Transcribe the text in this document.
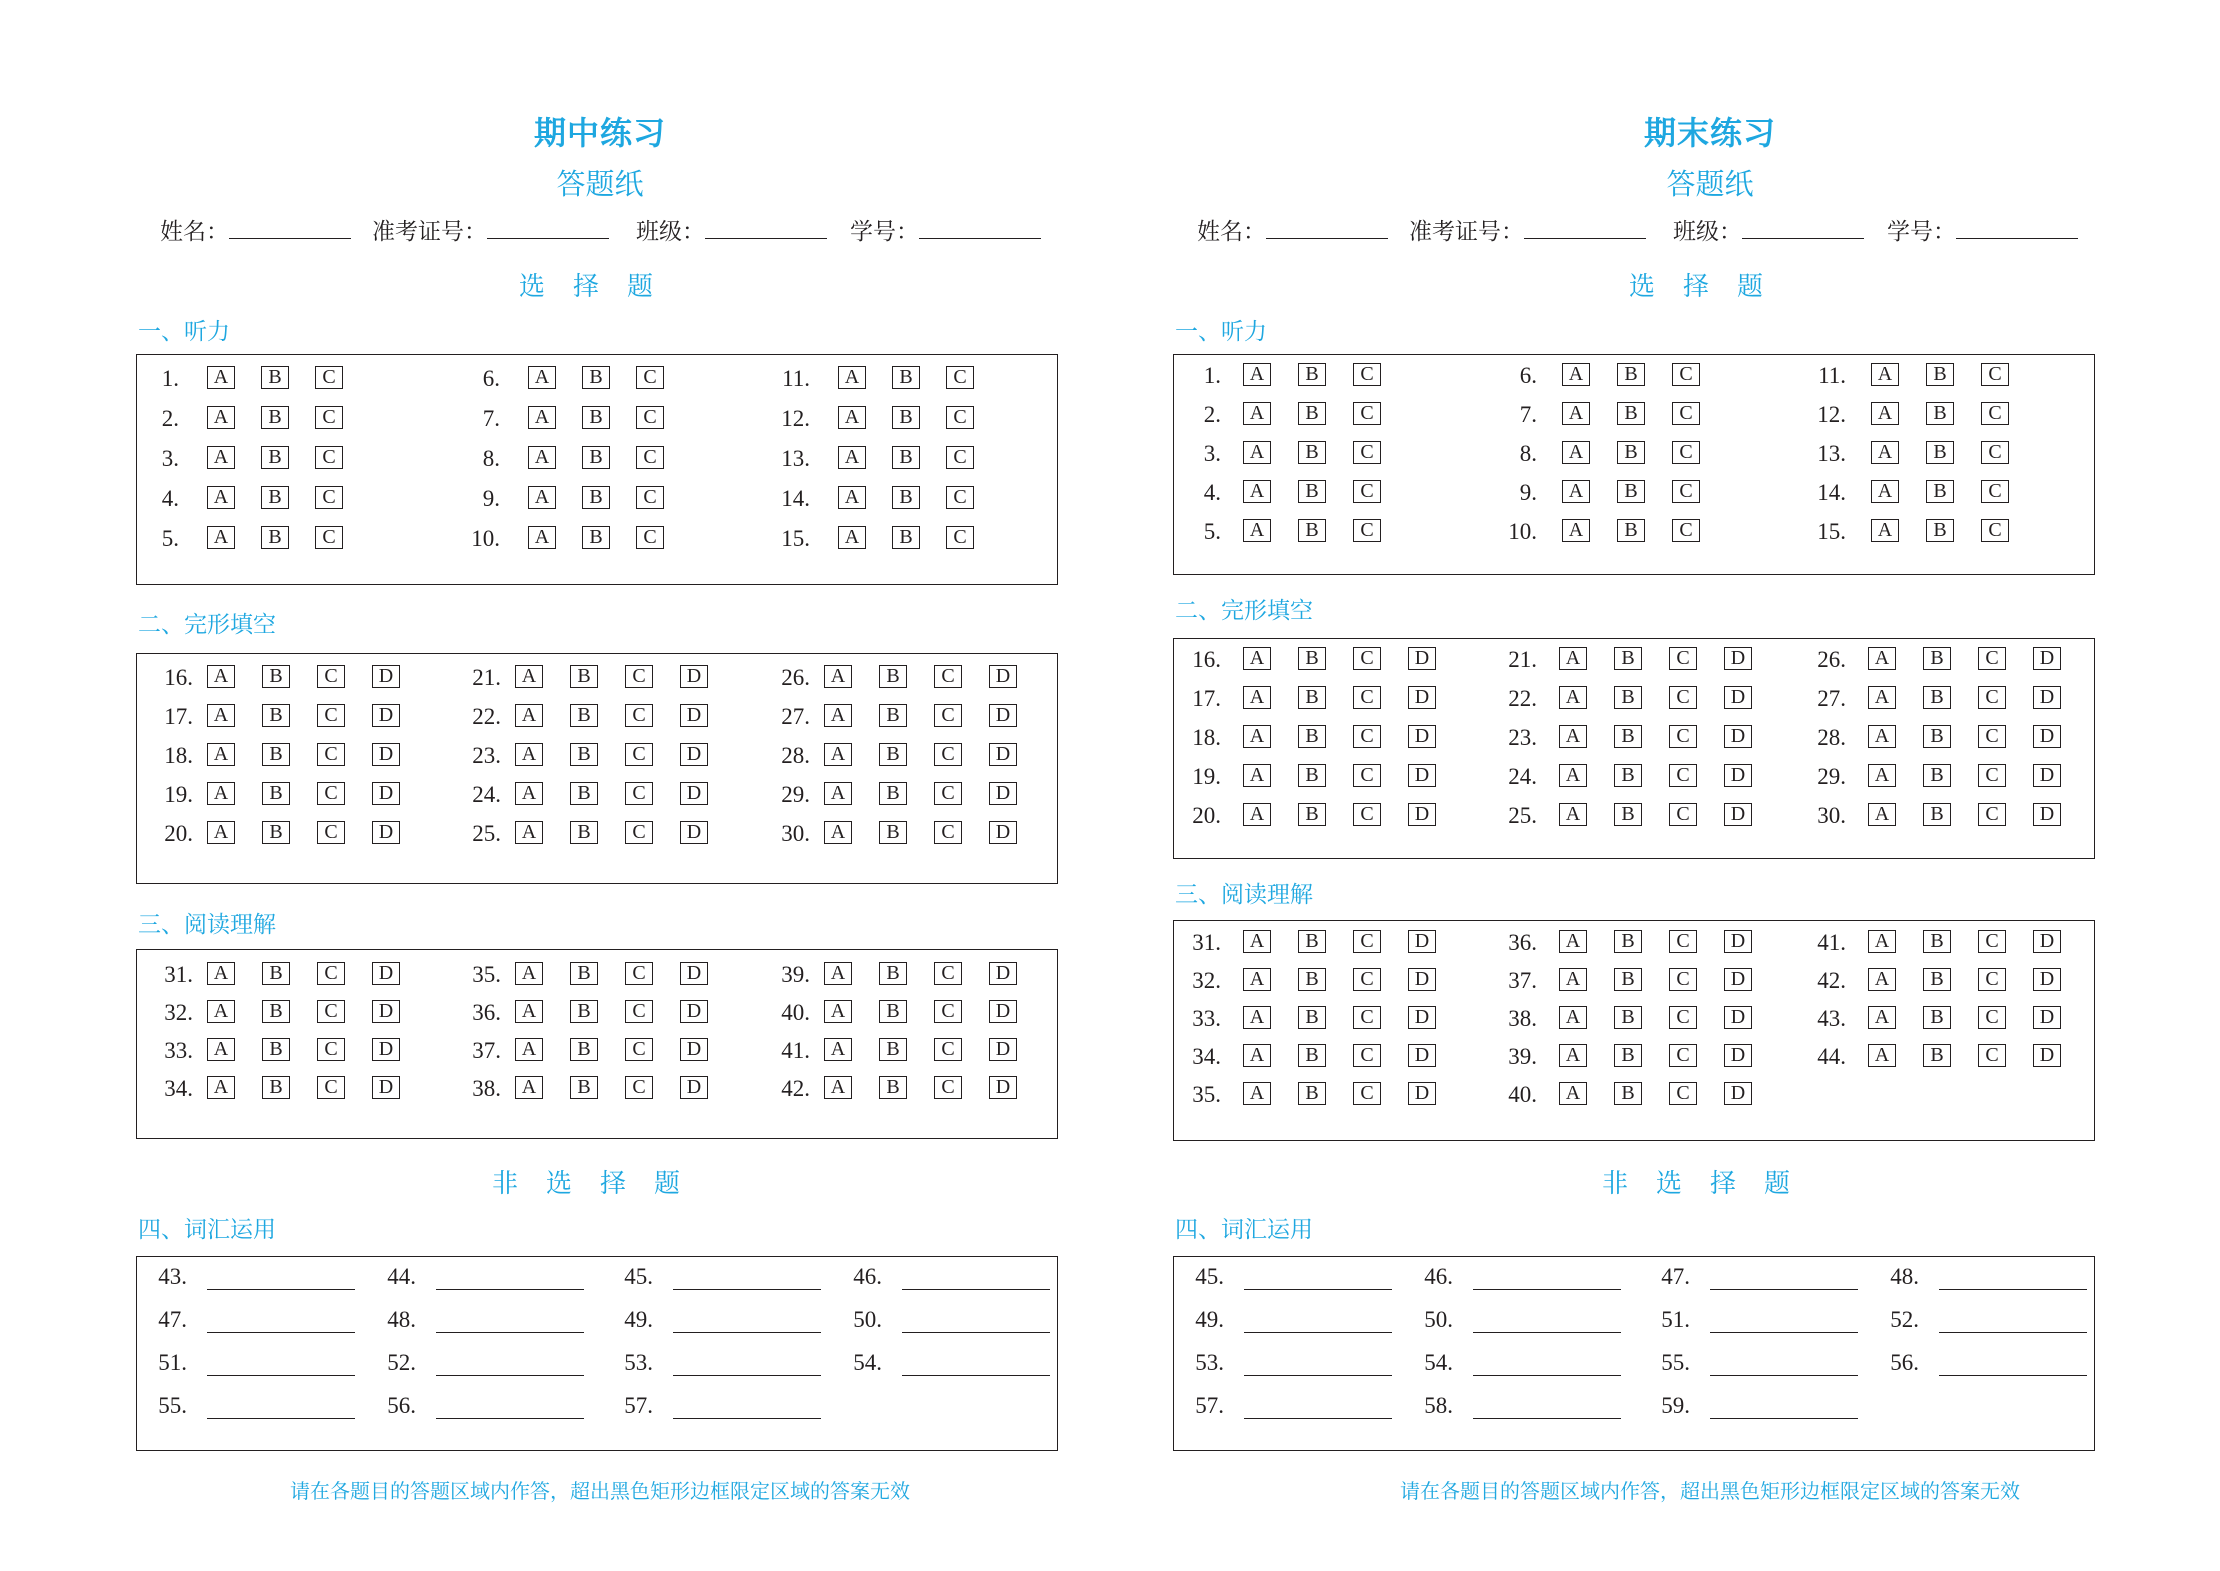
期中练习
答题纸
姓名：	准考证号：	班级：	学号：
选择题
一、听力
1.	A	B	C
2.	A	B	C
3.	A	B	C
4.	A	B	C
5.	A	B	C
6.	A	B	C
7.	A	B	C
8.	A	B	C
9.	A	B	C
10.	A	B	C
11.	A	B	C
12.	A	B	C
13.	A	B	C
14.	A	B	C
15.	A	B	C
二、完形填空
16.	A	B	C	D
17.	A	B	C	D
18.	A	B	C	D
19.	A	B	C	D
20.	A	B	C	D
21.	A	B	C	D
22.	A	B	C	D
23.	A	B	C	D
24.	A	B	C	D
25.	A	B	C	D
26.	A	B	C	D
27.	A	B	C	D
28.	A	B	C	D
29.	A	B	C	D
30.	A	B	C	D
三、阅读理解
31.	A	B	C	D
32.	A	B	C	D
33.	A	B	C	D
34.	A	B	C	D
35.	A	B	C	D
36.	A	B	C	D
37.	A	B	C	D
38.	A	B	C	D
39.	A	B	C	D
40.	A	B	C	D
41.	A	B	C	D
42.	A	B	C	D
非选择题
四、词汇运用
43.	44.	45.	46.
47.	48.	49.	50.
51.	52.	53.	54.
55.	56.	57.
请在各题目的答题区域内作答，超出黑色矩形边框限定区域的答案无效
期末练习
答题纸
姓名：	准考证号：	班级：	学号：
选择题
一、听力
1.	A	B	C
2.	A	B	C
3.	A	B	C
4.	A	B	C
5.	A	B	C
6.	A	B	C
7.	A	B	C
8.	A	B	C
9.	A	B	C
10.	A	B	C
11.	A	B	C
12.	A	B	C
13.	A	B	C
14.	A	B	C
15.	A	B	C
二、完形填空
16.	A	B	C	D
17.	A	B	C	D
18.	A	B	C	D
19.	A	B	C	D
20.	A	B	C	D
21.	A	B	C	D
22.	A	B	C	D
23.	A	B	C	D
24.	A	B	C	D
25.	A	B	C	D
26.	A	B	C	D
27.	A	B	C	D
28.	A	B	C	D
29.	A	B	C	D
30.	A	B	C	D
三、阅读理解
31.	A	B	C	D
32.	A	B	C	D
33.	A	B	C	D
34.	A	B	C	D
35.	A	B	C	D
36.	A	B	C	D
37.	A	B	C	D
38.	A	B	C	D
39.	A	B	C	D
40.	A	B	C	D
41.	A	B	C	D
42.	A	B	C	D
43.	A	B	C	D
44.	A	B	C	D
非选择题
四、词汇运用
45.	46.	47.	48.
49.	50.	51.	52.
53.	54.	55.	56.
57.	58.	59.
请在各题目的答题区域内作答，超出黑色矩形边框限定区域的答案无效
